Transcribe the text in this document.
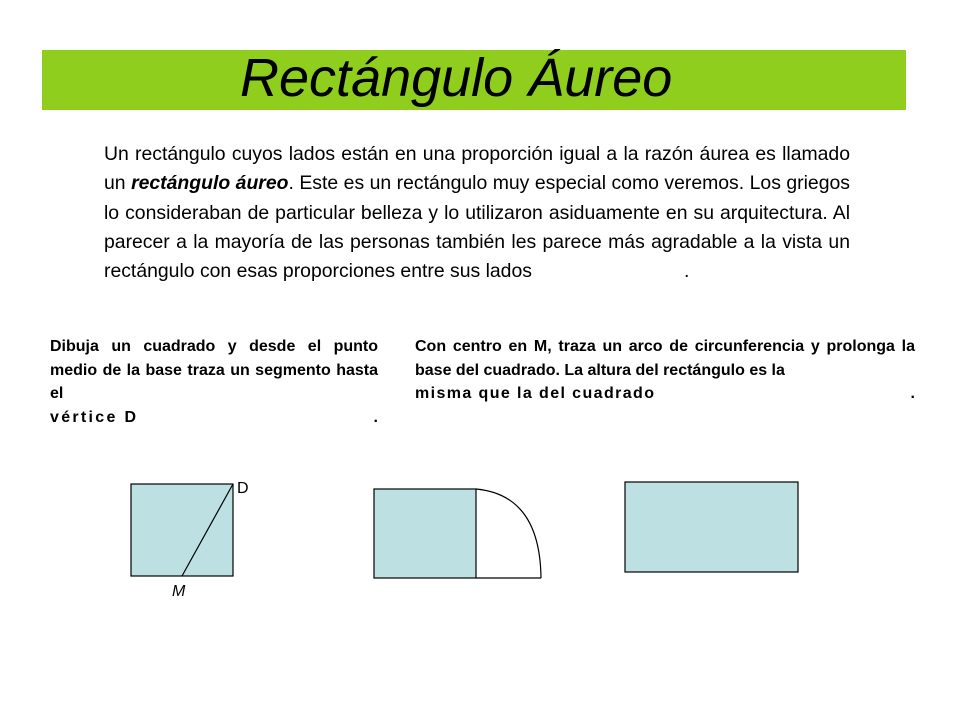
Rectángulo Áureo
Un rectángulo cuyos lados están en una proporción igual a la razón áurea es llamado un rectángulo áureo. Este es un rectángulo muy especial como veremos. Los griegos lo consideraban de particular belleza y lo utilizaron asiduamente en su arquitectura. Al parecer a la mayoría de las personas también les parece más agradable a la vista un rectángulo con esas proporciones entre sus lados	.
Dibuja un cuadrado y desde el punto medio de la base traza un segmento hasta el
vértice D	.
Con centro en M, traza un arco de circunferencia y prolonga la base del cuadrado. La altura del rectángulo es la
misma que la del cuadrado	.
D
M
